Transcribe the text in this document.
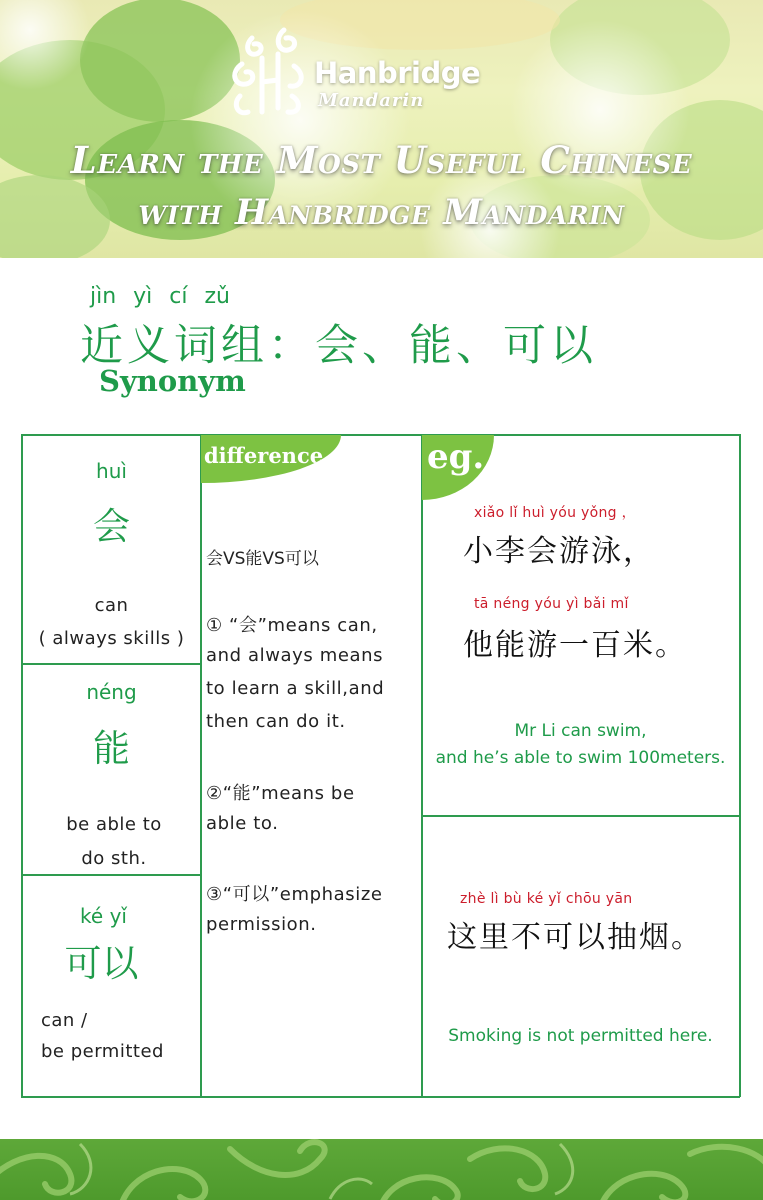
Hanbridge
Mandarin
Learn the Most Useful Chinese
with Hanbridge Mandarin
jìn yì cí zǔ
近义词组：会、能、可以
Synonym
huì
会
can
( always skills )
néng
能
be able to
do sth.
ké yǐ
可以
can /
be permitted
difference
会VS能VS可以
① “会”means can,
and always means
to learn a skill,and
then can do it.
②“能”means be
able to.
③“可以”emphasize
permission.
eg.
xiǎo lǐ huì yóu yǒng ，
小李会游泳，
tā néng yóu yì bǎi mǐ
他能游一百米。
Mr Li can swim,
and he’s able to swim 100meters.
zhè lì bù ké yǐ chōu yān
这里不可以抽烟。
Smoking is not permitted here.
